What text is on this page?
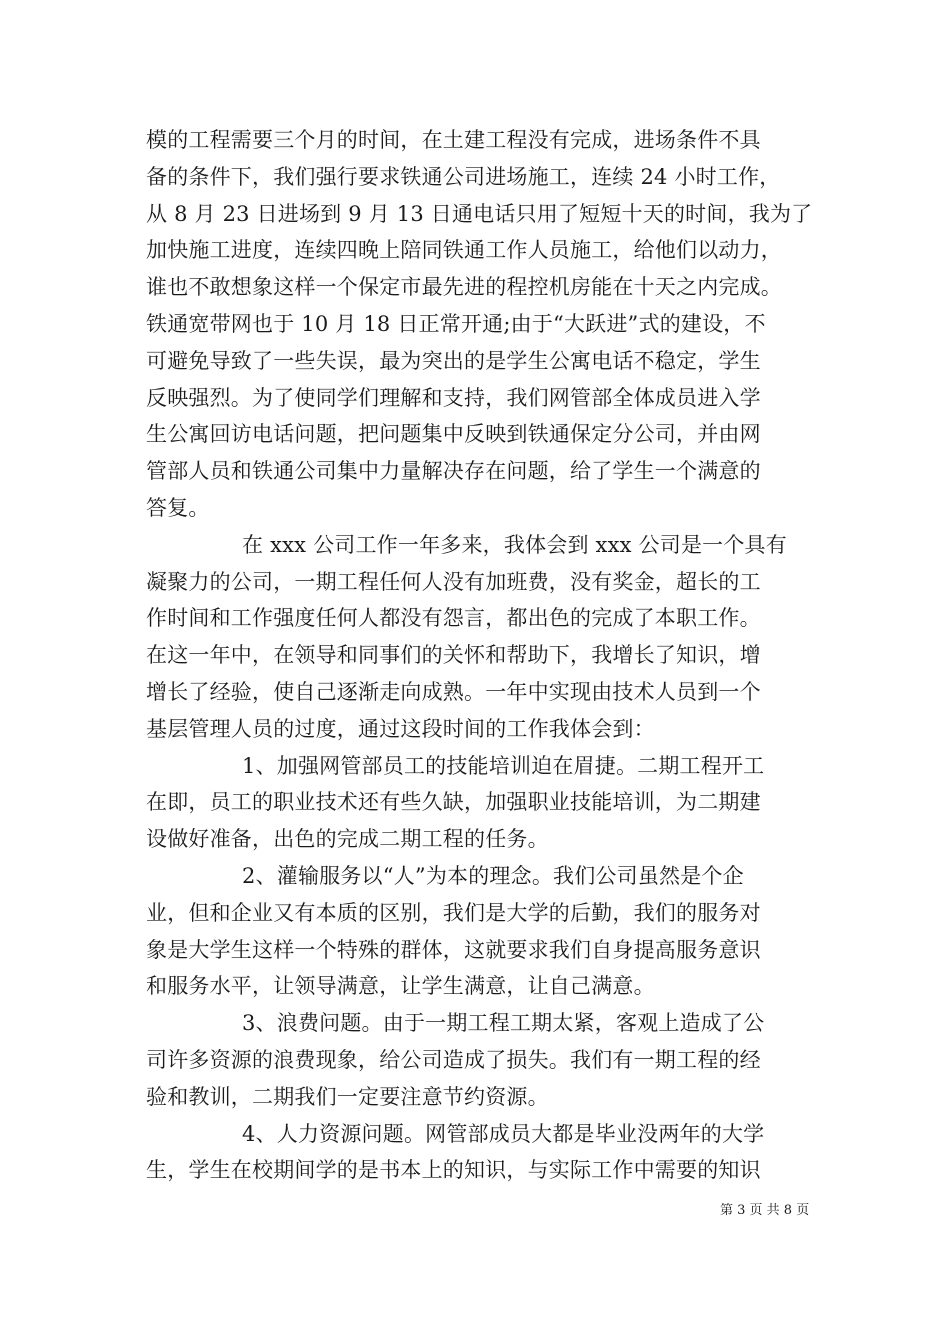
模的工程需要三个月的时间，在土建工程没有完成，进场条件不具
备的条件下，我们强行要求铁通公司进场施工，连续 24 小时工作，
从 8 月 23 日进场到 9 月 13 日通电话只用了短短十天的时间，我为了
加快施工进度，连续四晚上陪同铁通工作人员施工，给他们以动力，
谁也不敢想象这样一个保定市最先进的程控机房能在十天之内完成。
铁通宽带网也于 10 月 18 日正常开通;由于“大跃进”式的建设，不
可避免导致了一些失误，最为突出的是学生公寓电话不稳定，学生
反映强烈。为了使同学们理解和支持，我们网管部全体成员进入学
生公寓回访电话问题，把问题集中反映到铁通保定分公司，并由网
管部人员和铁通公司集中力量解决存在问题，给了学生一个满意的
答复。
在 xxx 公司工作一年多来，我体会到 xxx 公司是一个具有
凝聚力的公司，一期工程任何人没有加班费，没有奖金，超长的工
作时间和工作强度任何人都没有怨言，都出色的完成了本职工作。
在这一年中，在领导和同事们的关怀和帮助下，我增长了知识，增
增长了经验，使自己逐渐走向成熟。一年中实现由技术人员到一个
基层管理人员的过度，通过这段时间的工作我体会到：
1、加强网管部员工的技能培训迫在眉捷。二期工程开工
在即，员工的职业技术还有些久缺，加强职业技能培训，为二期建
设做好准备，出色的完成二期工程的任务。
2、灌输服务以“人”为本的理念。我们公司虽然是个企
业，但和企业又有本质的区别，我们是大学的后勤，我们的服务对
象是大学生这样一个特殊的群体，这就要求我们自身提高服务意识
和服务水平，让领导满意，让学生满意，让自己满意。
3、浪费问题。由于一期工程工期太紧，客观上造成了公
司许多资源的浪费现象，给公司造成了损失。我们有一期工程的经
验和教训，二期我们一定要注意节约资源。
4、人力资源问题。网管部成员大都是毕业没两年的大学
生，学生在校期间学的是书本上的知识，与实际工作中需要的知识
第 3 页 共 8 页
